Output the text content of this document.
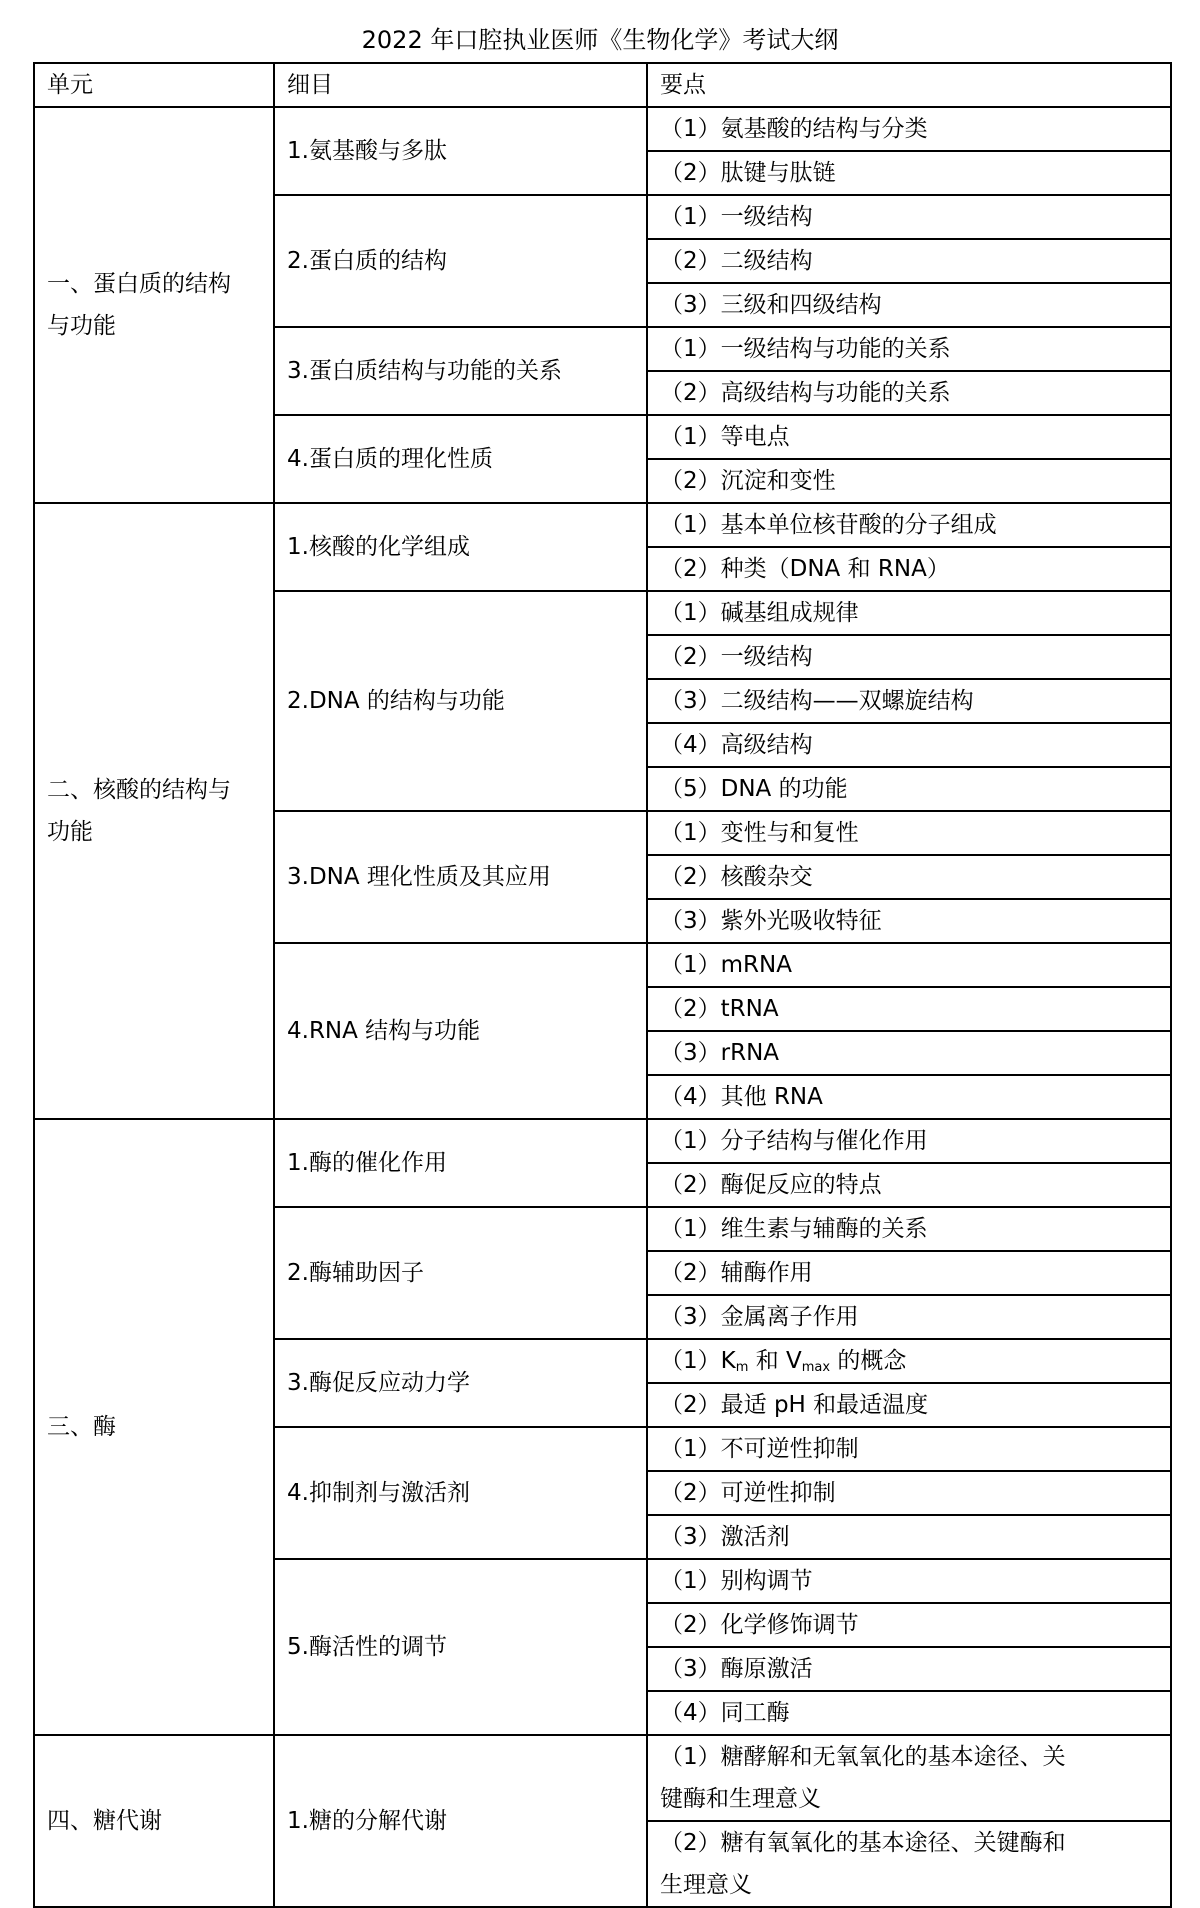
2022 年口腔执业医师《生物化学》考试大纲
单元	细目	要点

一、蛋白质的结构
与功能	1.氨基酸与多肽	（1）氨基酸的结构与分类
		（2）肽键与肽链
	2.蛋白质的结构	（1）一级结构
		（2）二级结构
		（3）三级和四级结构
	3.蛋白质结构与功能的关系	（1）一级结构与功能的关系
		（2）高级结构与功能的关系
	4.蛋白质的理化性质	（1）等电点
		（2）沉淀和变性

二、核酸的结构与
功能	1.核酸的化学组成	（1）基本单位核苷酸的分子组成
		（2）种类（DNA 和 RNA）
	2.DNA 的结构与功能	（1）碱基组成规律
		（2）一级结构
		（3）二级结构——双螺旋结构
		（4）高级结构
		（5）DNA 的功能
	3.DNA 理化性质及其应用	（1）变性与和复性
		（2）核酸杂交
		（3）紫外光吸收特征
	4.RNA 结构与功能	（1）mRNA
		（2）tRNA
		（3）rRNA
		（4）其他 RNA

三、酶	1.酶的催化作用	（1）分子结构与催化作用
		（2）酶促反应的特点
	2.酶辅助因子	（1）维生素与辅酶的关系
		（2）辅酶作用
		（3）金属离子作用
	3.酶促反应动力学	$(1)K_m$ 和 $V_{max}$ 的概念
		（2）最适 pH 和最适温度
	4.抑制剂与激活剂	（1）不可逆性抑制
		（2）可逆性抑制
		（3）激活剂
	5.酶活性的调节	（1）别构调节
		（2）化学修饰调节
		（3）酶原激活
		（4）同工酶

四、糖代谢	1.糖的分解代谢	（1）糖酵解和无氧氧化的基本途径、关
键酶和生理意义

		（2）糖有氧氧化的基本途径、关键酶和
生理意义
